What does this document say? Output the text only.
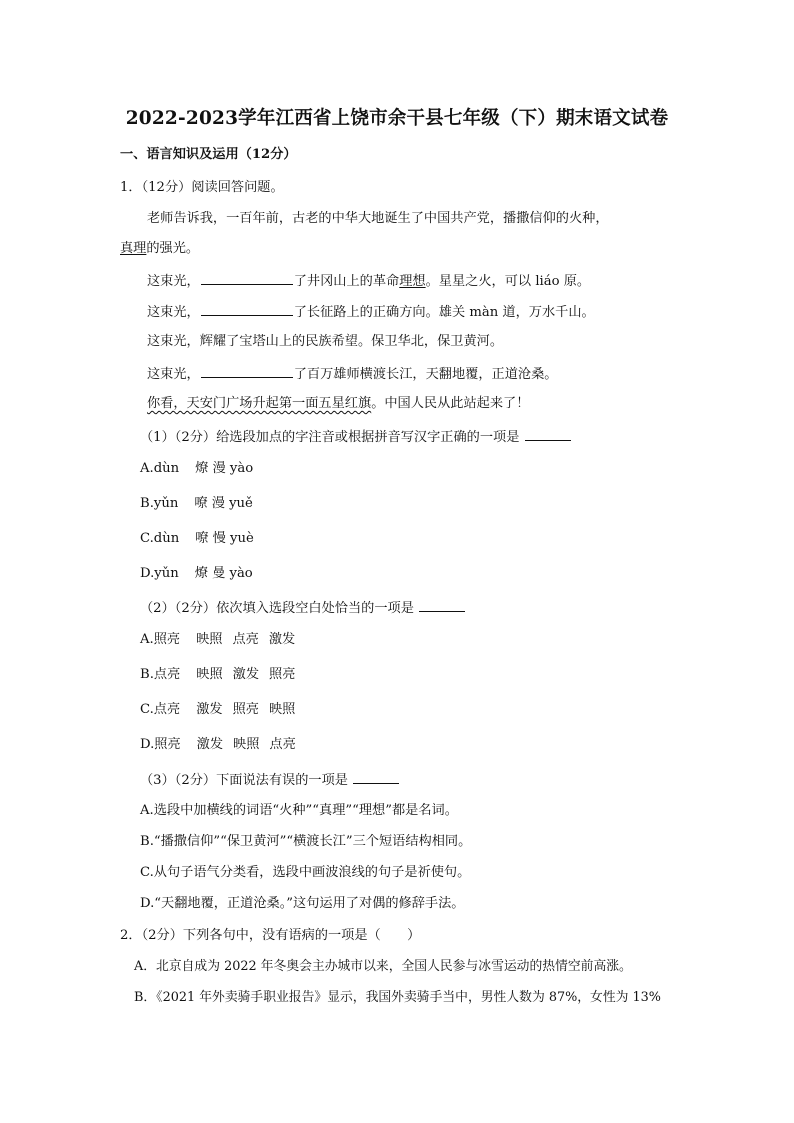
2022-2023学年江西省上饶市余干县七年级（下）期末语文试卷
一、语言知识及运用（12分）
1．（12分）阅读回答问题。
老师告诉我，一百年前，古老的中华大地诞生了中国共产党，播撒信仰的火种，
真理的强光。
这束光，	了井冈山上的革命理想。星星之火，可以 liáo 原。
这束光，	了长征路上的正确方向。雄关 màn 道，万水千山。
这束光，辉耀了宝塔山上的民族希望。保卫华北，保卫黄河。
这束光，	了百万雄师横渡长江，天翻地覆，正道沧桑。
你看，天安门广场升起第一面五星红旗。中国人民从此站起来了！
（1）（2分）给选段加点的字注音或根据拼音写汉字正确的一项是
A.dùn 燎 漫 yào
B.yǔn 嘹 漫 yuě
C.dùn 嘹 慢 yuè
D.yǔn 燎 曼 yào
（2）（2分）依次填入选段空白处恰当的一项是
A.照亮 映照 点亮 激发
B.点亮 映照 激发 照亮
C.点亮 激发 照亮 映照
D.照亮 激发 映照 点亮
（3）（2分）下面说法有误的一项是
A.选段中加横线的词语“火种”“真理”“理想”都是名词。
B.“播撒信仰”“保卫黄河”“横渡长江”三个短语结构相同。
C.从句子语气分类看，选段中画波浪线的句子是祈使句。
D.“天翻地覆，正道沧桑。”这句运用了对偶的修辞手法。
2．（2分）下列各句中，没有语病的一项是（　　）
A．北京自成为 2022 年冬奥会主办城市以来，全国人民参与冰雪运动的热情空前高涨。
B．《2021 年外卖骑手职业报告》显示，我国外卖骑手当中，男性人数为 87%，女性为 13%
